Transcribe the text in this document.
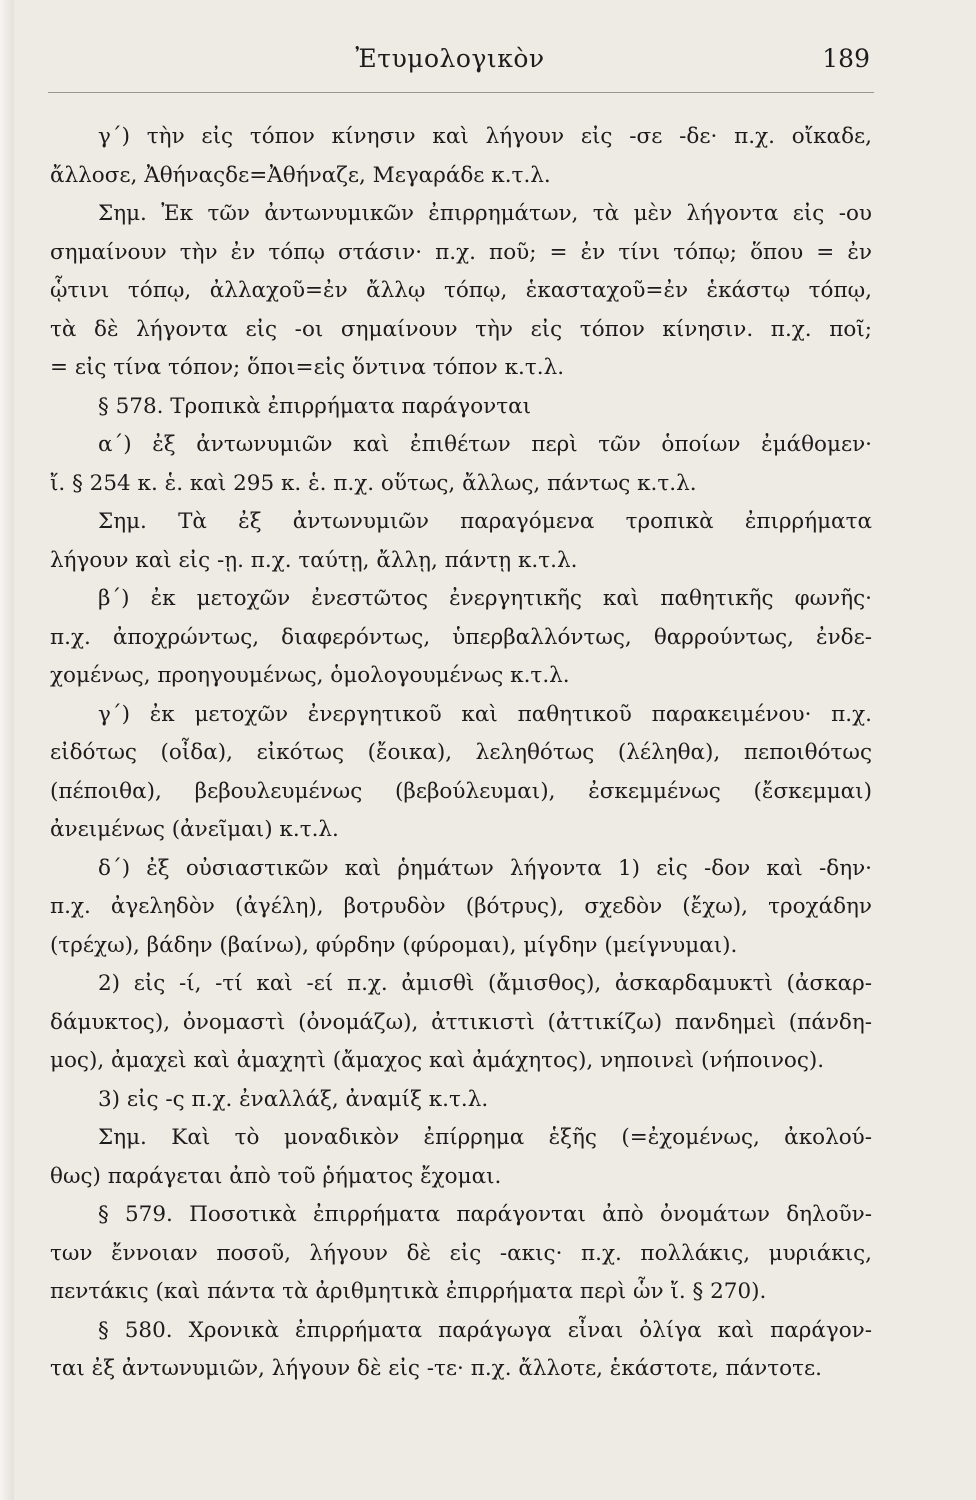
Ἐτυμολογικὸν	189
γ΄) τὴν εἰς τόπον κίνησιν καὶ λήγουν εἰς -σε -δε· π.χ. οἴκαδε,
ἄλλοσε, Ἀθήναςδε=Ἀθήναζε, Μεγαράδε κ.τ.λ.
Σημ. Ἐκ τῶν ἀντωνυμικῶν ἐπιρρημάτων, τὰ μὲν λήγοντα εἰς -ου
σημαίνουν τὴν ἐν τόπῳ στάσιν· π.χ. ποῦ; = ἐν τίνι τόπῳ; ὅπου = ἐν
ᾧτινι τόπῳ, ἀλλαχοῦ=ἐν ἄλλῳ τόπῳ, ἑκασταχοῦ=ἐν ἑκάστῳ τόπῳ,
τὰ δὲ λήγοντα εἰς -οι σημαίνουν τὴν εἰς τόπον κίνησιν. π.χ. ποῖ;
= εἰς τίνα τόπον; ὅποι=εἰς ὅντινα τόπον κ.τ.λ.
§ 578. Τροπικὰ ἐπιρρήματα παράγονται
α΄) ἐξ ἀντωνυμιῶν καὶ ἐπιθέτων περὶ τῶν ὁποίων ἐμάθομεν·
ἴ. § 254 κ. ἑ. καὶ 295 κ. ἑ. π.χ. οὕτως, ἄλλως, πάντως κ.τ.λ.
Σημ. Τὰ ἐξ ἀντωνυμιῶν παραγόμενα τροπικὰ ἐπιρρήματα
λήγουν καὶ εἰς -ῃ. π.χ. ταύτῃ, ἄλλῃ, πάντῃ κ.τ.λ.
β΄) ἐκ μετοχῶν ἐνεστῶτος ἐνεργητικῆς καὶ παθητικῆς φωνῆς·
π.χ. ἀποχρώντως, διαφερόντως, ὑπερβαλλόντως, θαρρούντως, ἐνδε-
χομένως, προηγουμένως, ὁμολογουμένως κ.τ.λ.
γ΄) ἐκ μετοχῶν ἐνεργητικοῦ καὶ παθητικοῦ παρακειμένου· π.χ.
εἰδότως (οἶδα), εἰκότως (ἔοικα), λεληθότως (λέληθα), πεποιθότως
(πέποιθα), βεβουλευμένως (βεβούλευμαι), ἐσκεμμένως (ἔσκεμμαι)
ἀνειμένως (ἀνεῖμαι) κ.τ.λ.
δ΄) ἐξ οὐσιαστικῶν καὶ ῥημάτων λήγοντα 1) εἰς -δον καὶ -δην·
π.χ. ἀγεληδὸν (ἀγέλη), βοτρυδὸν (βότρυς), σχεδὸν (ἔχω), τροχάδην
(τρέχω), βάδην (βαίνω), φύρδην (φύρομαι), μίγδην (μείγνυμαι).
2) εἰς -ί, -τί καὶ -εί π.χ. ἀμισθὶ (ἄμισθος), ἀσκαρδαμυκτὶ (ἀσκαρ-
δάμυκτος), ὀνομαστὶ (ὀνομάζω), ἀττικιστὶ (ἀττικίζω) πανδημεὶ (πάνδη-
μος), ἀμαχεὶ καὶ ἀμαχητὶ (ἄμαχος καὶ ἀμάχητος), νηποινεὶ (νήποινος).
3) εἰς -ς π.χ. ἐναλλάξ, ἀναμίξ κ.τ.λ.
Σημ. Καὶ τὸ μοναδικὸν ἐπίρρημα ἑξῆς (=ἐχομένως, ἀκολού-
θως) παράγεται ἀπὸ τοῦ ῥήματος ἔχομαι.
§ 579. Ποσοτικὰ ἐπιρρήματα παράγονται ἀπὸ ὀνομάτων δηλοῦν-
των ἔννοιαν ποσοῦ, λήγουν δὲ εἰς -ακις· π.χ. πολλάκις, μυριάκις,
πεντάκις (καὶ πάντα τὰ ἀριθμητικὰ ἐπιρρήματα περὶ ὧν ἴ. § 270).
§ 580. Χρονικὰ ἐπιρρήματα παράγωγα εἶναι ὀλίγα καὶ παράγον-
ται ἐξ ἀντωνυμιῶν, λήγουν δὲ εἰς -τε· π.χ. ἄλλοτε, ἑκάστοτε, πάντοτε.
